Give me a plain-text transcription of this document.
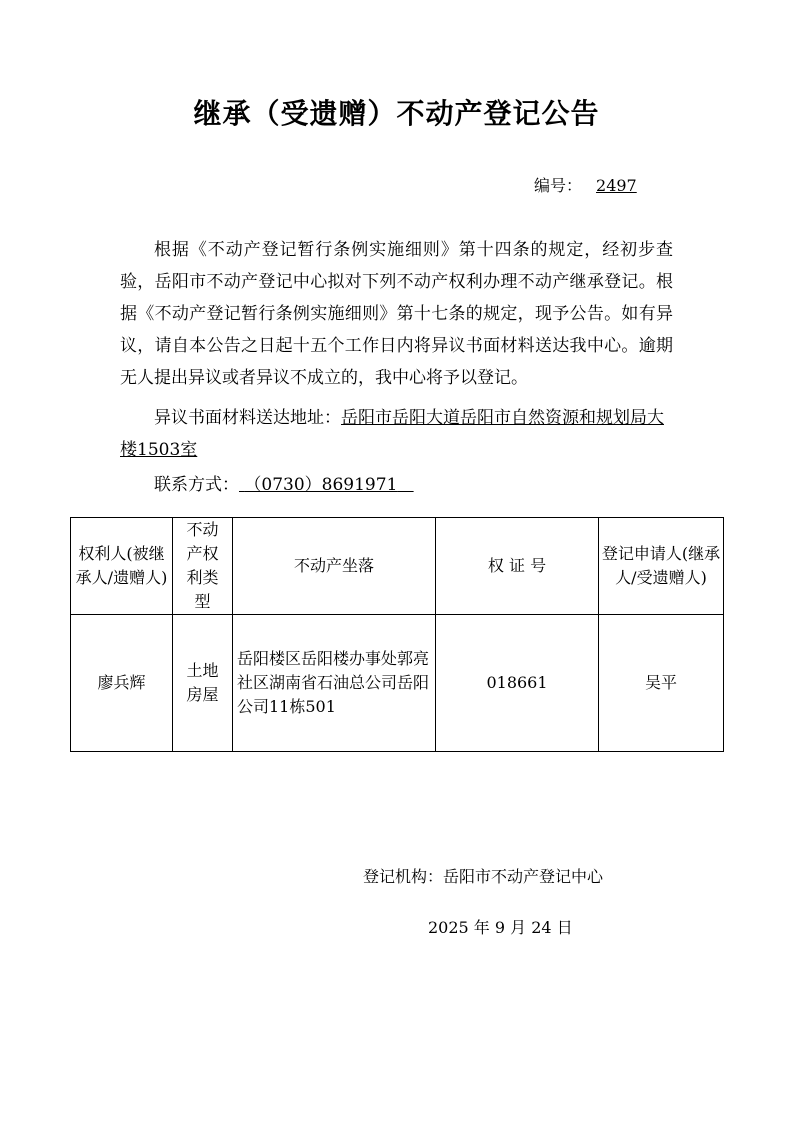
继承（受遗赠）不动产登记公告
编号： 2497
根据《不动产登记暂行条例实施细则》第十四条的规定，经初步查验，岳阳市不动产登记中心拟对下列不动产权利办理不动产继承登记。根据《不动产登记暂行条例实施细则》第十七条的规定，现予公告。如有异议，请自本公告之日起十五个工作日内将异议书面材料送达我中心。逾期无人提出异议或者异议不成立的，我中心将予以登记。
异议书面材料送达地址：岳阳市岳阳大道岳阳市自然资源和规划局大楼1503室
联系方式： （0730）8691971
权利人(被继承人/遗赠人)	不动产权利类型	不动产坐落	权 证 号	登记申请人(继承人/受遗赠人)
廖兵辉	土地房屋	岳阳楼区岳阳楼办事处郭亮社区湖南省石油总公司岳阳公司11栋501	018661	吴平
登记机构：岳阳市不动产登记中心
2025 年 9 月 24 日
